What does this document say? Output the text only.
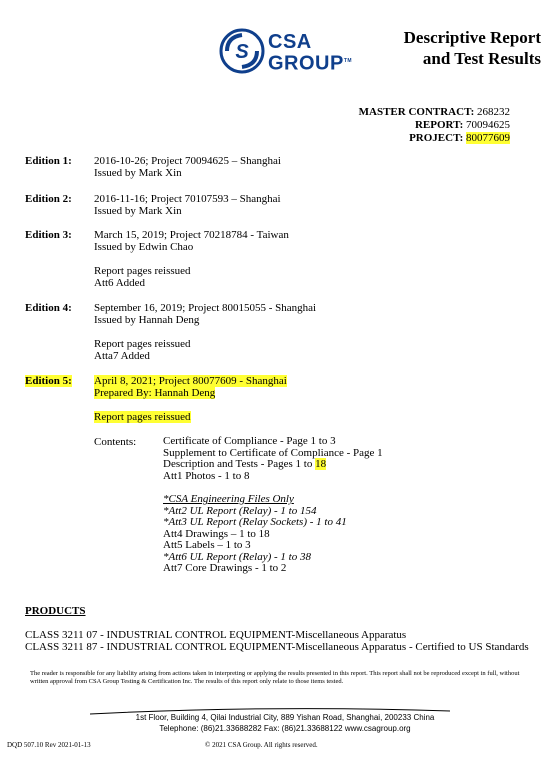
S CSA
GROUP™
Descriptive Report
and Test Results
MASTER CONTRACT: 268232
REPORT: 70094625
PROJECT: 80077609
Edition 1: 2016-10-26; Project 70094625 – Shanghai
Issued by Mark Xin
Edition 2: 2016-11-16; Project 70107593 – Shanghai
Issued by Mark Xin
Edition 3: March 15, 2019; Project 70218784 - Taiwan
Issued by Edwin Chao
Report pages reissued
Att6 Added
Edition 4: September 16, 2019; Project 80015055 - Shanghai
Issued by Hannah Deng
Report pages reissued
Atta7 Added
Edition 5: April 8, 2021; Project 80077609 - Shanghai
Prepared By: Hannah Deng
Report pages reissued
Contents: Certificate of Compliance - Page 1 to 3
Supplement to Certificate of Compliance - Page 1
Description and Tests - Pages 1 to 18
Att1 Photos - 1 to 8
*CSA Engineering Files Only
*Att2 UL Report (Relay) - 1 to 154
*Att3 UL Report (Relay Sockets) - 1 to 41
Att4 Drawings – 1 to 18
Att5 Labels – 1 to 3
*Att6 UL Report (Relay) - 1 to 38
Att7 Core Drawings - 1 to 2
PRODUCTS
CLASS 3211 07 - INDUSTRIAL CONTROL EQUIPMENT-Miscellaneous Apparatus
CLASS 3211 87 - INDUSTRIAL CONTROL EQUIPMENT-Miscellaneous Apparatus - Certified to US Standards
The reader is responsible for any liability arising from actions taken in interpreting or applying the results presented in this report. This report shall not be reproduced except in full, without written approval from CSA Group Testing & Certification Inc. The results of this report only relate to those items tested.
1st Floor, Building 4, Qilai Industrial City, 889 Yishan Road, Shanghai, 200233 China
Telephone: (86)21.33688282 Fax: (86)21.33688122 www.csagroup.org
DQD 507.10 Rev 2021-01-13	© 2021 CSA Group. All rights reserved.
